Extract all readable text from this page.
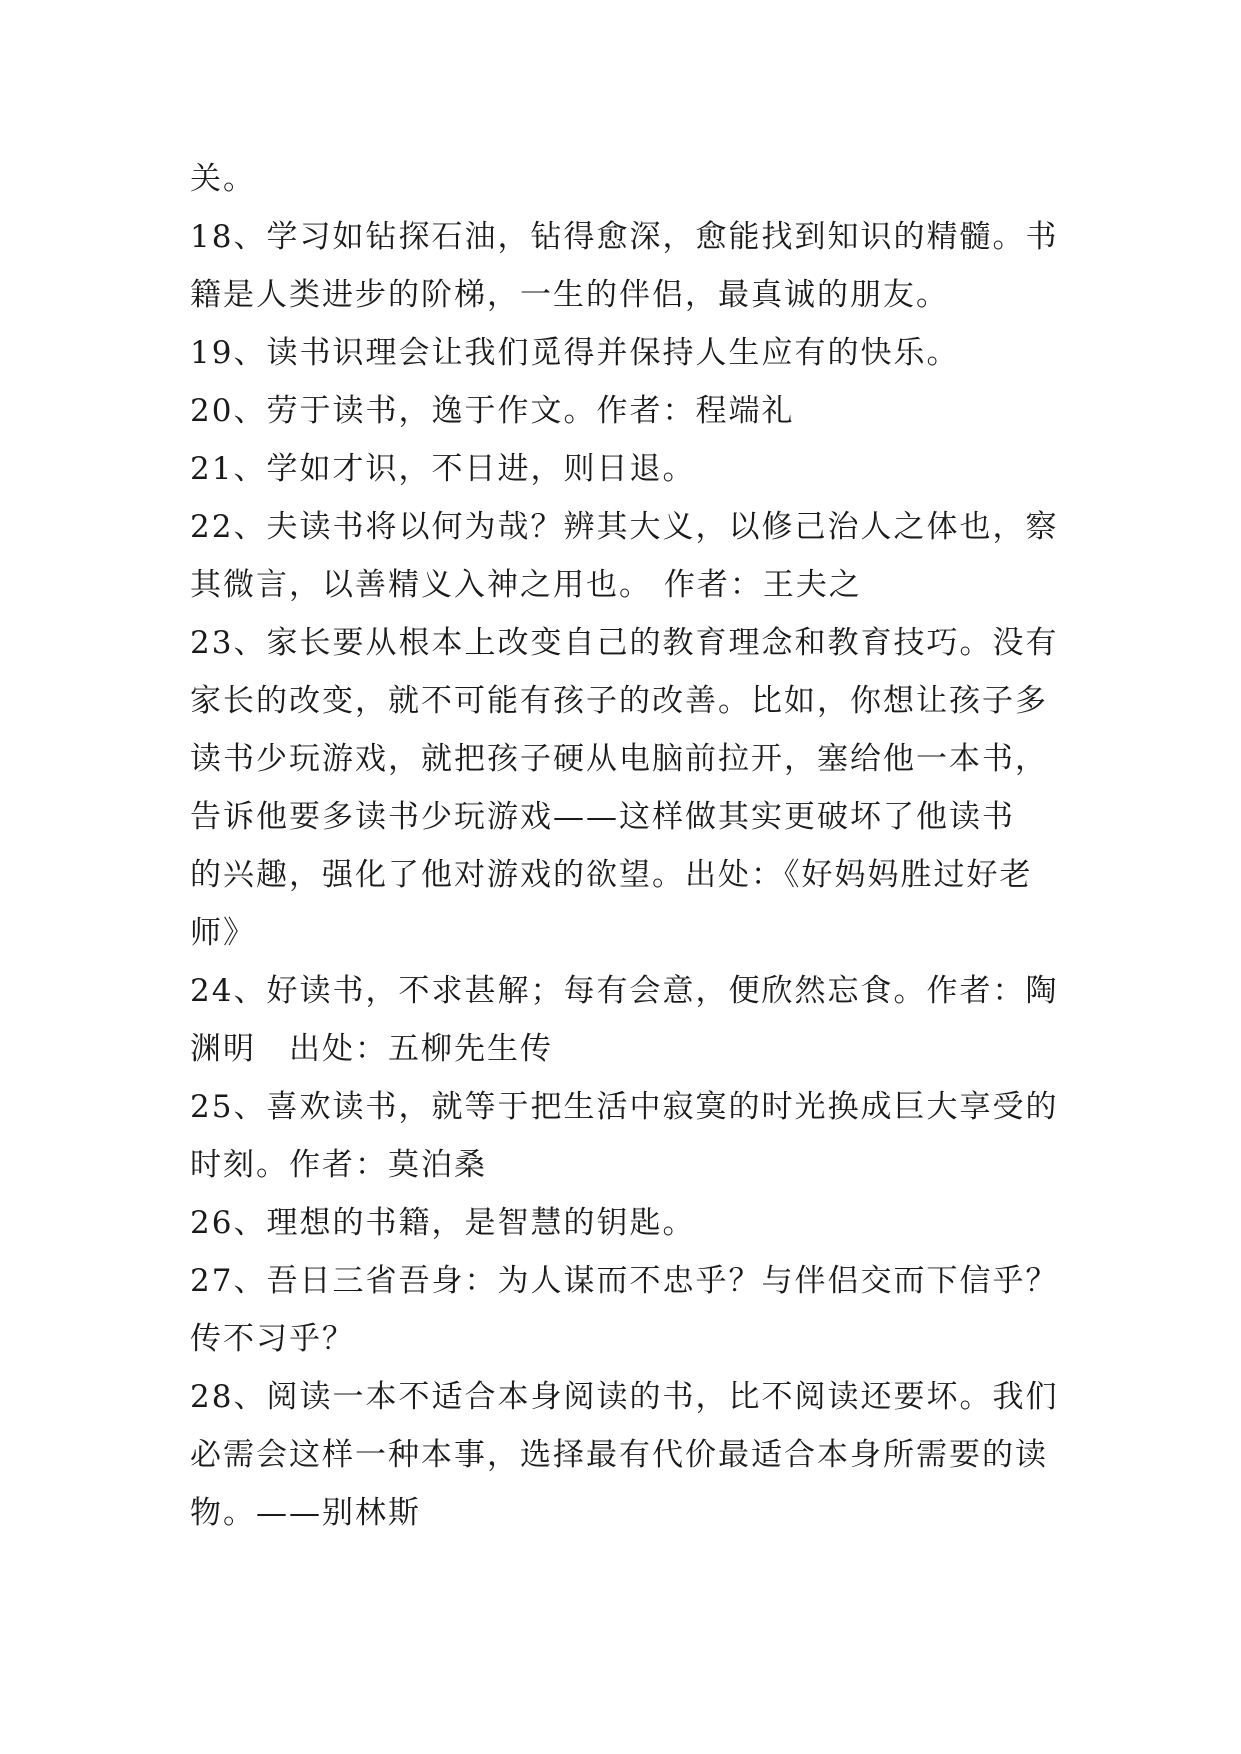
关。
18、学习如钻探石油，钻得愈深，愈能找到知识的精髓。书
籍是人类进步的阶梯，一生的伴侣，最真诚的朋友。
19、读书识理会让我们觅得并保持人生应有的快乐。
20、劳于读书，逸于作文。作者：程端礼
21、学如才识，不日进，则日退。
22、夫读书将以何为哉？辨其大义，以修己治人之体也，察
其微言，以善精义入神之用也。 作者：王夫之
23、家长要从根本上改变自己的教育理念和教育技巧。没有
家长的改变，就不可能有孩子的改善。比如，你想让孩子多
读书少玩游戏，就把孩子硬从电脑前拉开，塞给他一本书，
告诉他要多读书少玩游戏——这样做其实更破坏了他读书
的兴趣，强化了他对游戏的欲望。出处：《好妈妈胜过好老
师》
24、好读书，不求甚解；每有会意，便欣然忘食。作者：陶
渊明　出处：五柳先生传
25、喜欢读书，就等于把生活中寂寞的时光换成巨大享受的
时刻。作者：莫泊桑
26、理想的书籍，是智慧的钥匙。
27、吾日三省吾身：为人谋而不忠乎？与伴侣交而下信乎？
传不习乎？
28、阅读一本不适合本身阅读的书，比不阅读还要坏。我们
必需会这样一种本事，选择最有代价最适合本身所需要的读
物。——别林斯
